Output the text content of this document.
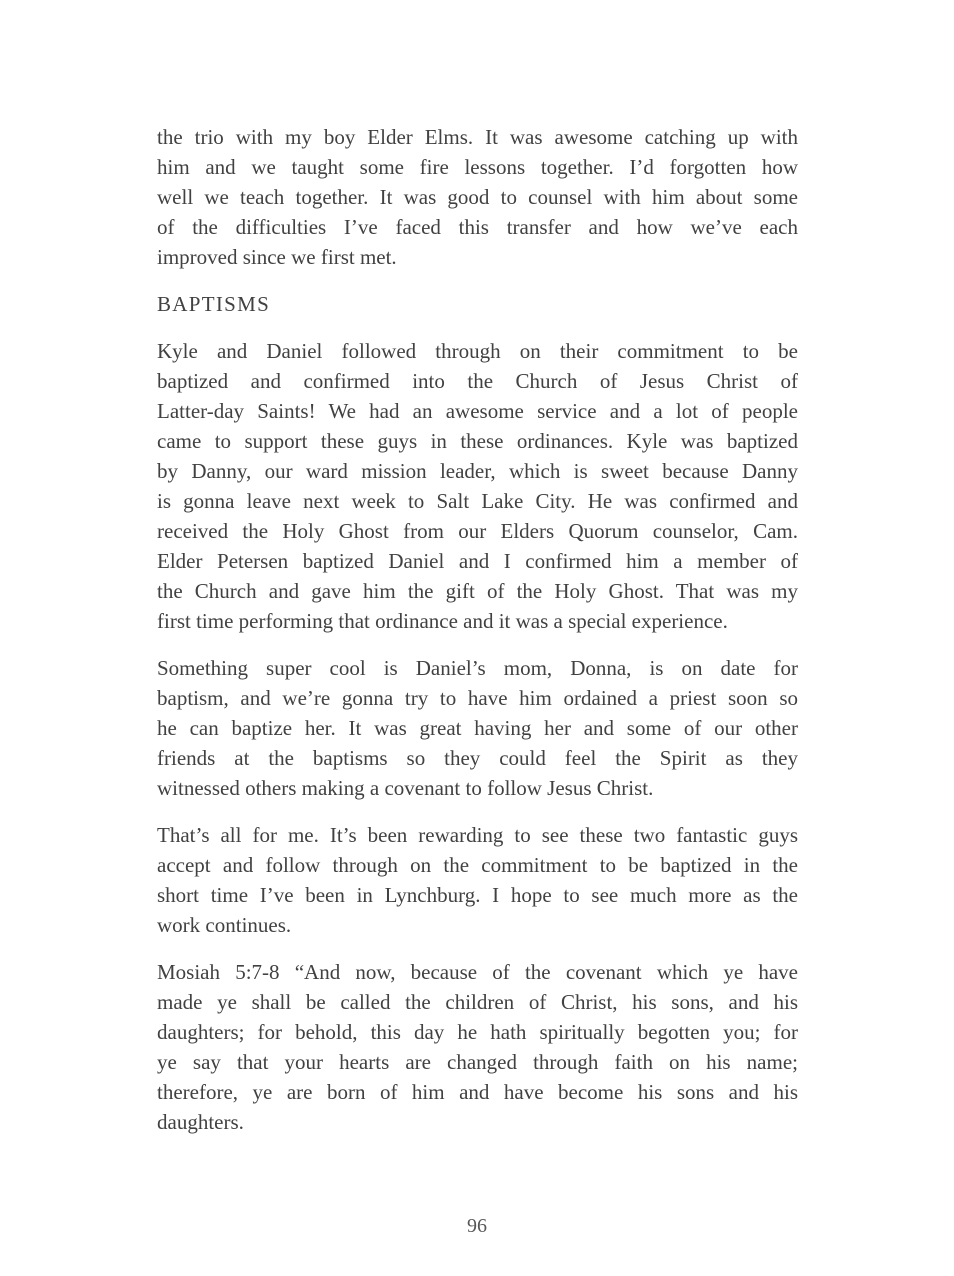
the trio with my boy Elder Elms. It was awesome catching up with
him and we taught some fire lessons together. I’d forgotten how
well we teach together. It was good to counsel with him about some
of the difficulties I’ve faced this transfer and how we’ve each
improved since we first met.

BAPTISMS

Kyle and Daniel followed through on their commitment to be
baptized and confirmed into the Church of Jesus Christ of
Latter-day Saints! We had an awesome service and a lot of people
came to support these guys in these ordinances. Kyle was baptized
by Danny, our ward mission leader, which is sweet because Danny
is gonna leave next week to Salt Lake City. He was confirmed and
received the Holy Ghost from our Elders Quorum counselor, Cam.
Elder Petersen baptized Daniel and I confirmed him a member of
the Church and gave him the gift of the Holy Ghost. That was my
first time performing that ordinance and it was a special experience.

Something super cool is Daniel’s mom, Donna, is on date for
baptism, and we’re gonna try to have him ordained a priest soon so
he can baptize her. It was great having her and some of our other
friends at the baptisms so they could feel the Spirit as they
witnessed others making a covenant to follow Jesus Christ.

That’s all for me. It’s been rewarding to see these two fantastic guys
accept and follow through on the commitment to be baptized in the
short time I’ve been in Lynchburg. I hope to see much more as the
work continues.

Mosiah 5:7-8 “And now, because of the covenant which ye have
made ye shall be called the children of Christ, his sons, and his
daughters; for behold, this day he hath spiritually begotten you; for
ye say that your hearts are changed through faith on his name;
therefore, ye are born of him and have become his sons and his
daughters.

96
